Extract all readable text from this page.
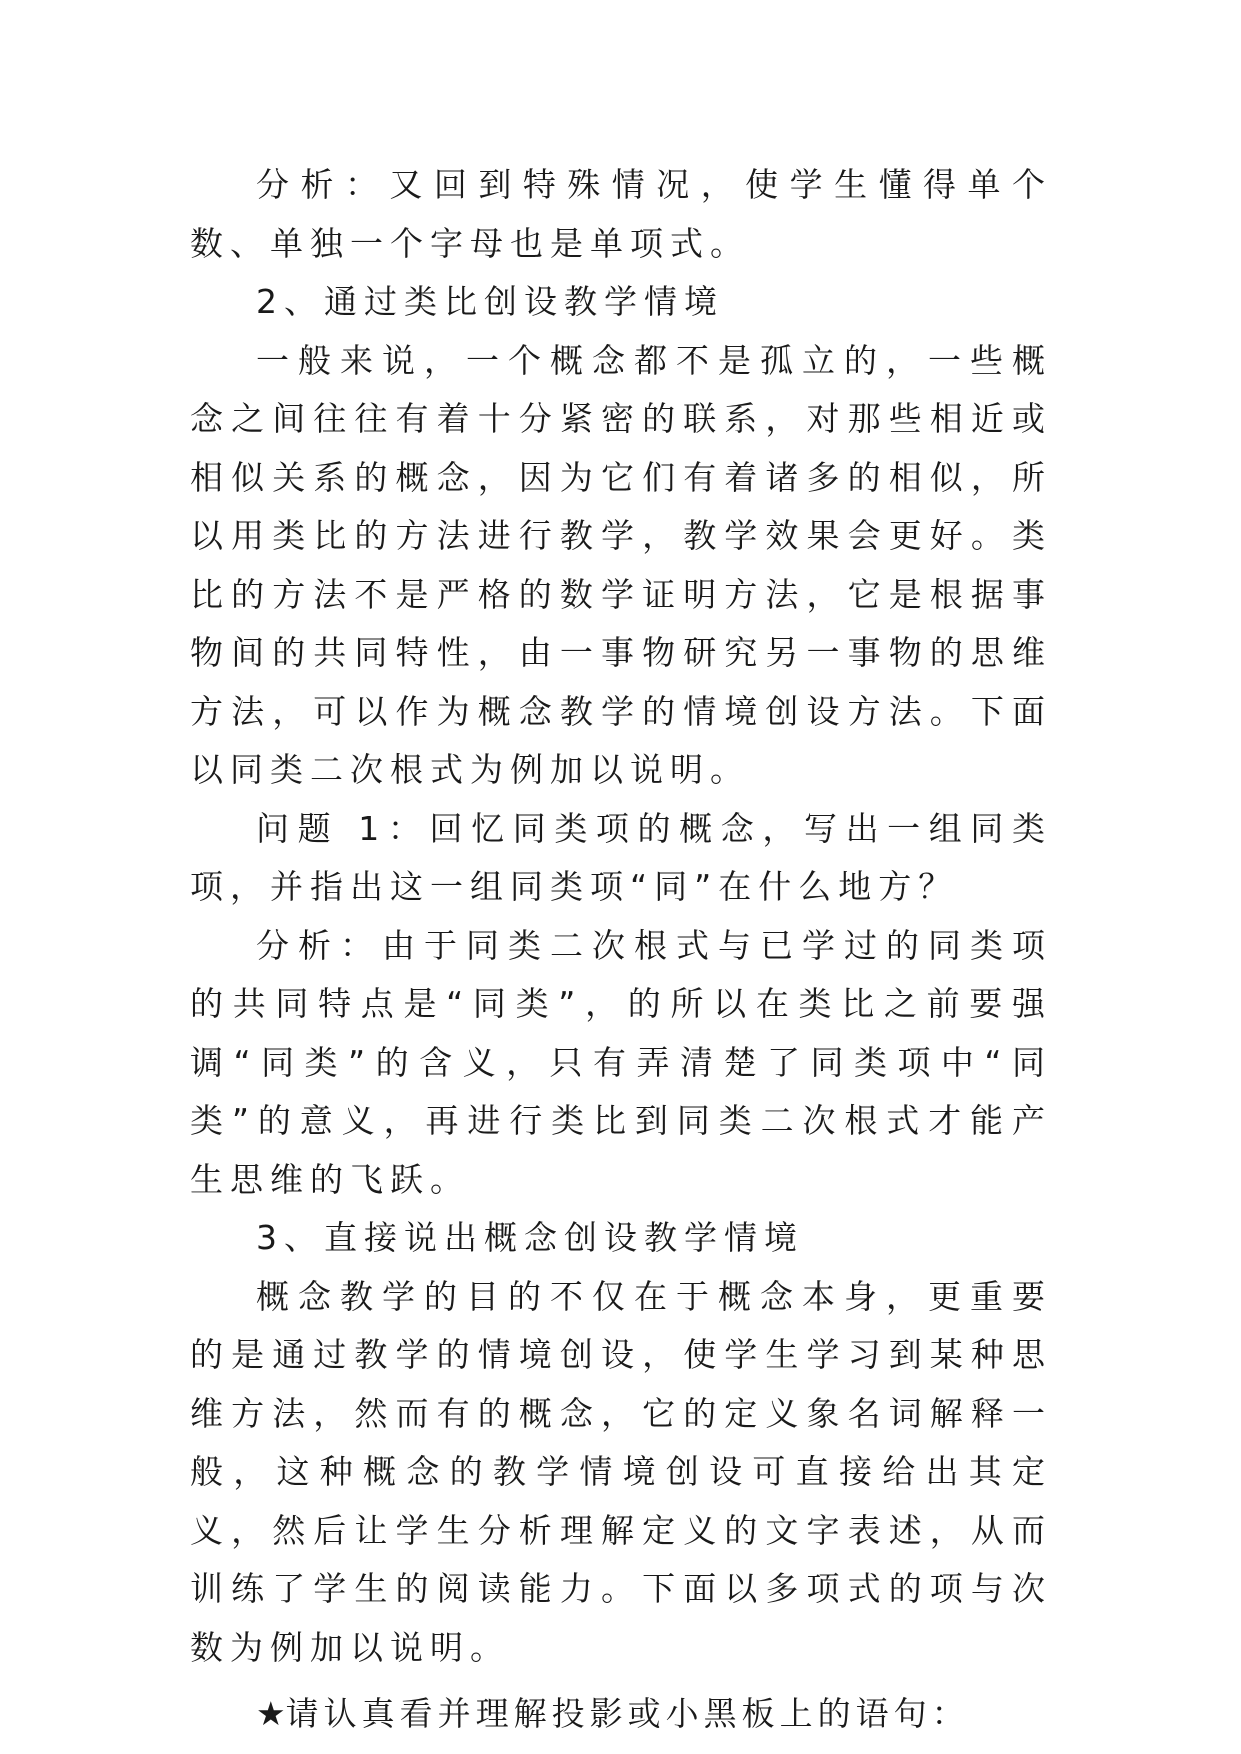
分析：又回到特殊情况，使学生懂得单个数、单独一个字母也是单项式。

2、通过类比创设教学情境

一般来说，一个概念都不是孤立的，一些概念之间往往有着十分紧密的联系，对那些相近或相似关系的概念，因为它们有着诸多的相似，所以用类比的方法进行教学，教学效果会更好。类比的方法不是严格的数学证明方法，它是根据事物间的共同特性，由一事物研究另一事物的思维方法，可以作为概念教学的情境创设方法。下面以同类二次根式为例加以说明。

问题 1：回忆同类项的概念，写出一组同类项，并指出这一组同类项“同”在什么地方？

分析：由于同类二次根式与已学过的同类项的共同特点是“同类”，的所以在类比之前要强调“同类”的含义，只有弄清楚了同类项中“同类”的意义，再进行类比到同类二次根式才能产生思维的飞跃。

3、直接说出概念创设教学情境

概念教学的目的不仅在于概念本身，更重要的是通过教学的情境创设，使学生学习到某种思维方法，然而有的概念，它的定义象名词解释一般，这种概念的教学情境创设可直接给出其定义，然后让学生分析理解定义的文字表述，从而训练了学生的阅读能力。下面以多项式的项与次数为例加以说明。

★请认真看并理解投影或小黑板上的语句：
